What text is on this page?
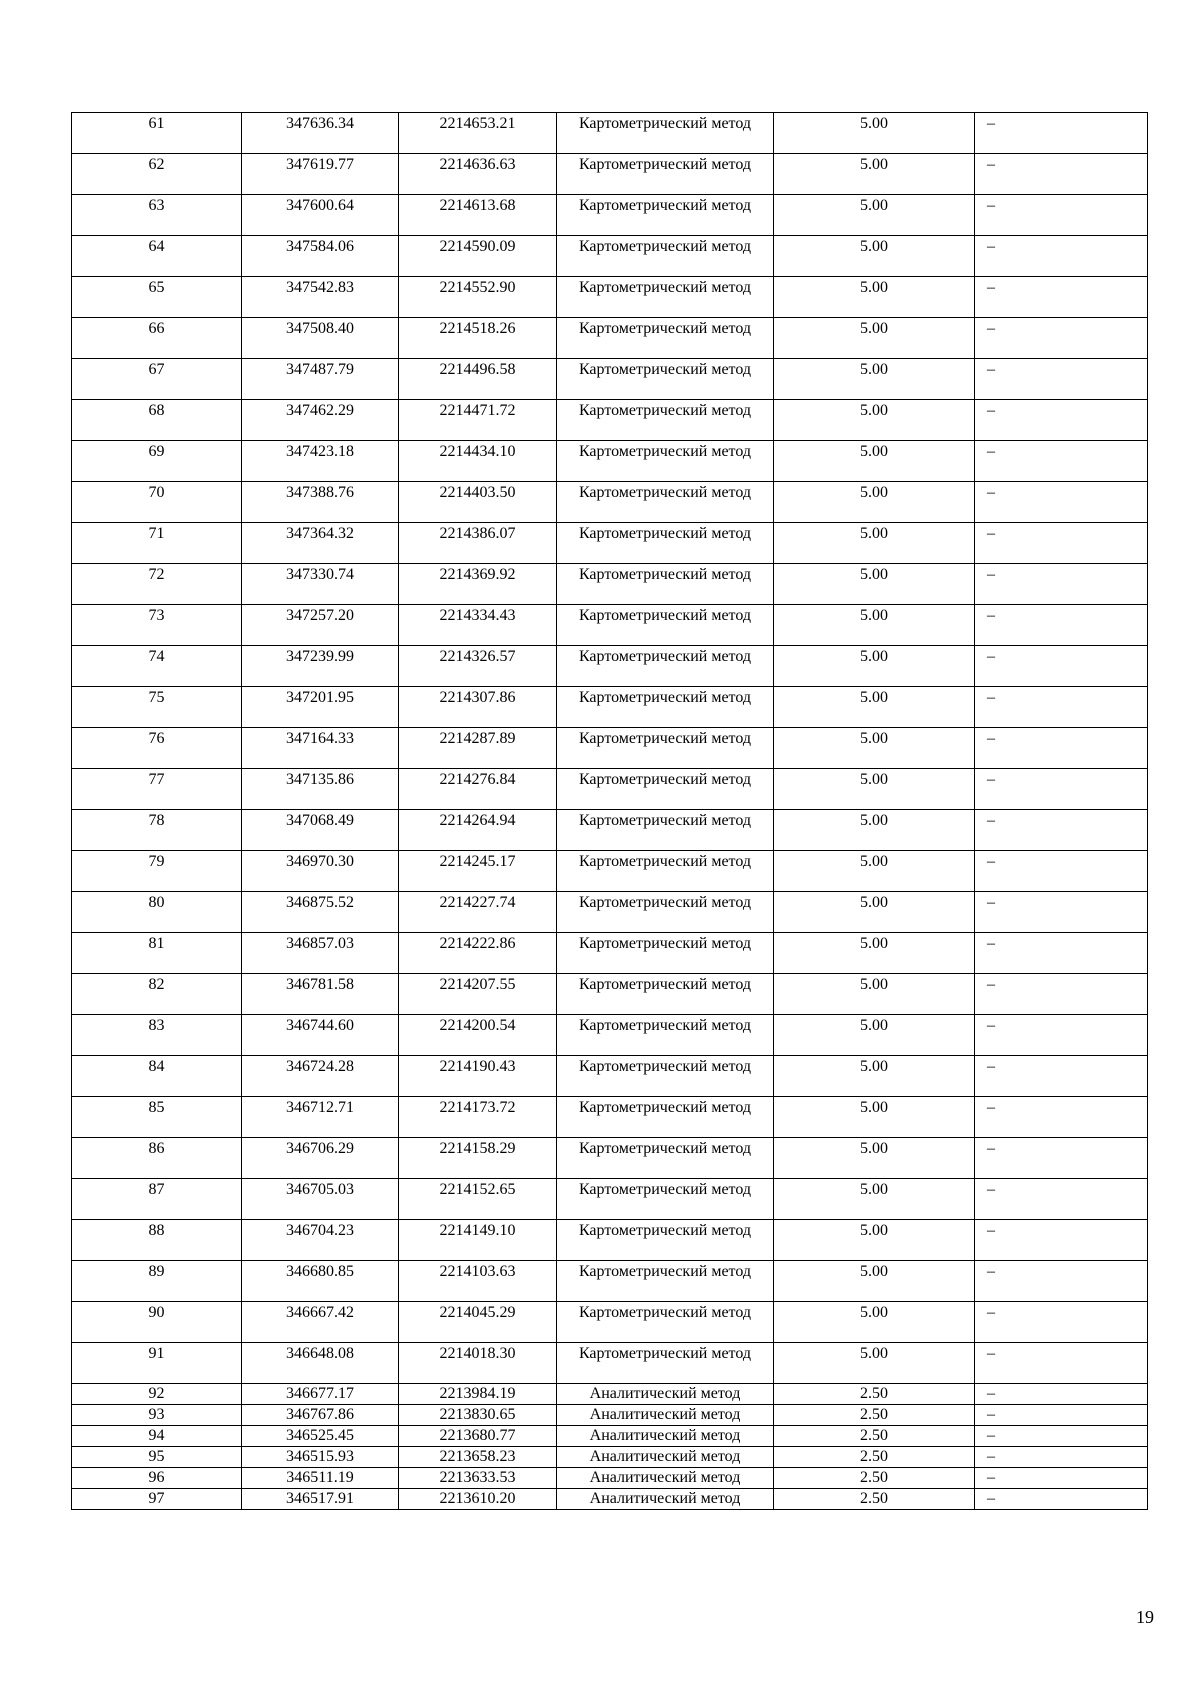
61	347636.34	2214653.21	Картометрический метод	5.00	–
62	347619.77	2214636.63	Картометрический метод	5.00	–
63	347600.64	2214613.68	Картометрический метод	5.00	–
64	347584.06	2214590.09	Картометрический метод	5.00	–
65	347542.83	2214552.90	Картометрический метод	5.00	–
66	347508.40	2214518.26	Картометрический метод	5.00	–
67	347487.79	2214496.58	Картометрический метод	5.00	–
68	347462.29	2214471.72	Картометрический метод	5.00	–
69	347423.18	2214434.10	Картометрический метод	5.00	–
70	347388.76	2214403.50	Картометрический метод	5.00	–
71	347364.32	2214386.07	Картометрический метод	5.00	–
72	347330.74	2214369.92	Картометрический метод	5.00	–
73	347257.20	2214334.43	Картометрический метод	5.00	–
74	347239.99	2214326.57	Картометрический метод	5.00	–
75	347201.95	2214307.86	Картометрический метод	5.00	–
76	347164.33	2214287.89	Картометрический метод	5.00	–
77	347135.86	2214276.84	Картометрический метод	5.00	–
78	347068.49	2214264.94	Картометрический метод	5.00	–
79	346970.30	2214245.17	Картометрический метод	5.00	–
80	346875.52	2214227.74	Картометрический метод	5.00	–
81	346857.03	2214222.86	Картометрический метод	5.00	–
82	346781.58	2214207.55	Картометрический метод	5.00	–
83	346744.60	2214200.54	Картометрический метод	5.00	–
84	346724.28	2214190.43	Картометрический метод	5.00	–
85	346712.71	2214173.72	Картометрический метод	5.00	–
86	346706.29	2214158.29	Картометрический метод	5.00	–
87	346705.03	2214152.65	Картометрический метод	5.00	–
88	346704.23	2214149.10	Картометрический метод	5.00	–
89	346680.85	2214103.63	Картометрический метод	5.00	–
90	346667.42	2214045.29	Картометрический метод	5.00	–
91	346648.08	2214018.30	Картометрический метод	5.00	–
92	346677.17	2213984.19	Аналитический метод	2.50	–
93	346767.86	2213830.65	Аналитический метод	2.50	–
94	346525.45	2213680.77	Аналитический метод	2.50	–
95	346515.93	2213658.23	Аналитический метод	2.50	–
96	346511.19	2213633.53	Аналитический метод	2.50	–
97	346517.91	2213610.20	Аналитический метод	2.50	–
19
